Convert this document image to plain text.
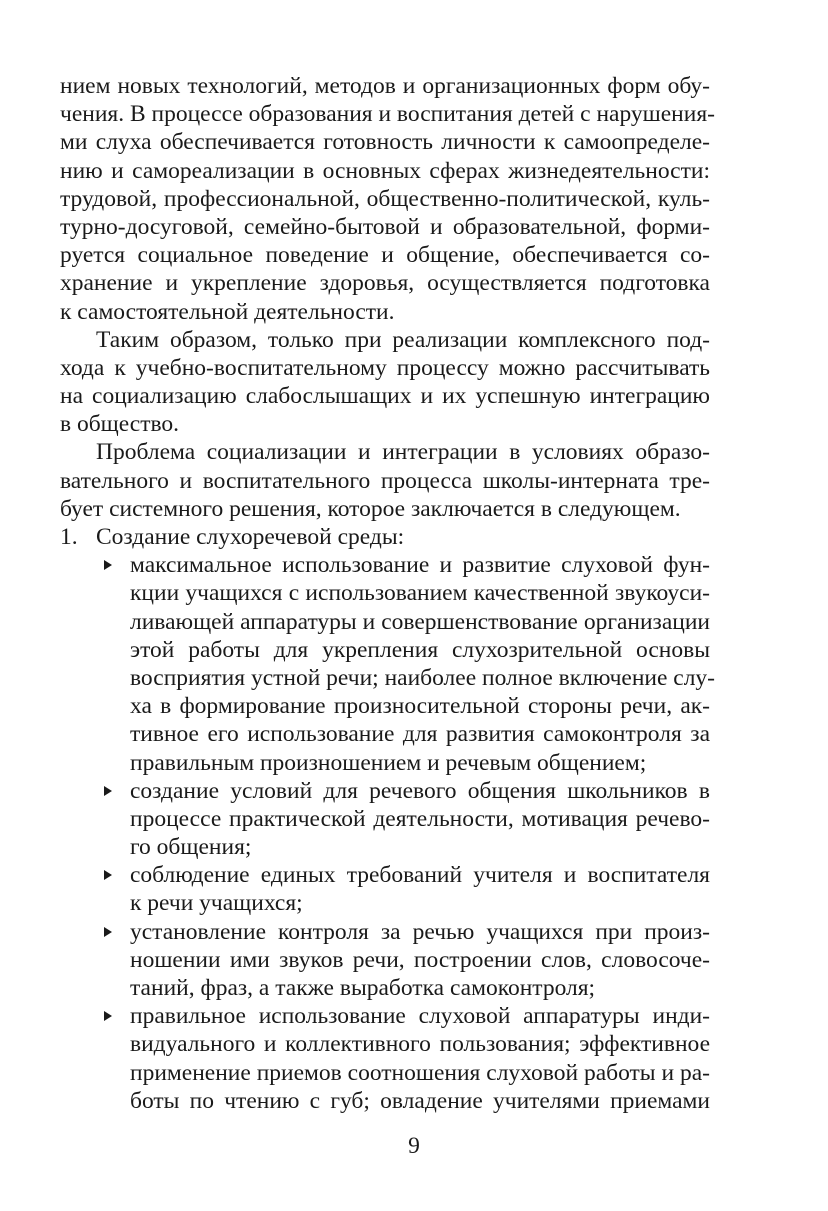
нием новых технологий, методов и организационных форм обу-
чения. В процессе образования и воспитания детей с нарушения-
ми слуха обеспечивается готовность личности к самоопределе-
нию и самореализации в основных сферах жизнедеятельности:
трудовой, профессиональной, общественно-политической, куль-
турно-досуговой, семейно-бытовой и образовательной, форми-
руется социальное поведение и общение, обеспечивается со-
хранение и укрепление здоровья, осуществляется подготовка
к самостоятельной деятельности.
Таким образом, только при реализации комплексного под-
хода к учебно-воспитательному процессу можно рассчитывать
на социализацию слабослышащих и их успешную интеграцию
в общество.
Проблема социализации и интеграции в условиях образо-
вательного и воспитательного процесса школы-интерната тре-
бует системного решения, которое заключается в следующем.
1. Создание слухоречевой среды:
максимальное использование и развитие слуховой фун-
кции учащихся с использованием качественной звукоуси-
ливающей аппаратуры и совершенствование организации
этой работы для укрепления слухозрительной основы
восприятия устной речи; наиболее полное включение слу-
ха в формирование произносительной стороны речи, ак-
тивное его использование для развития самоконтроля за
правильным произношением и речевым общением;
создание условий для речевого общения школьников в
процессе практической деятельности, мотивация речево-
го общения;
соблюдение единых требований учителя и воспитателя
к речи учащихся;
установление контроля за речью учащихся при произ-
ношении ими звуков речи, построении слов, словосоче-
таний, фраз, а также выработка самоконтроля;
правильное использование слуховой аппаратуры инди-
видуального и коллективного пользования; эффективное
применение приемов соотношения слуховой работы и ра-
боты по чтению с губ; овладение учителями приемами
9
